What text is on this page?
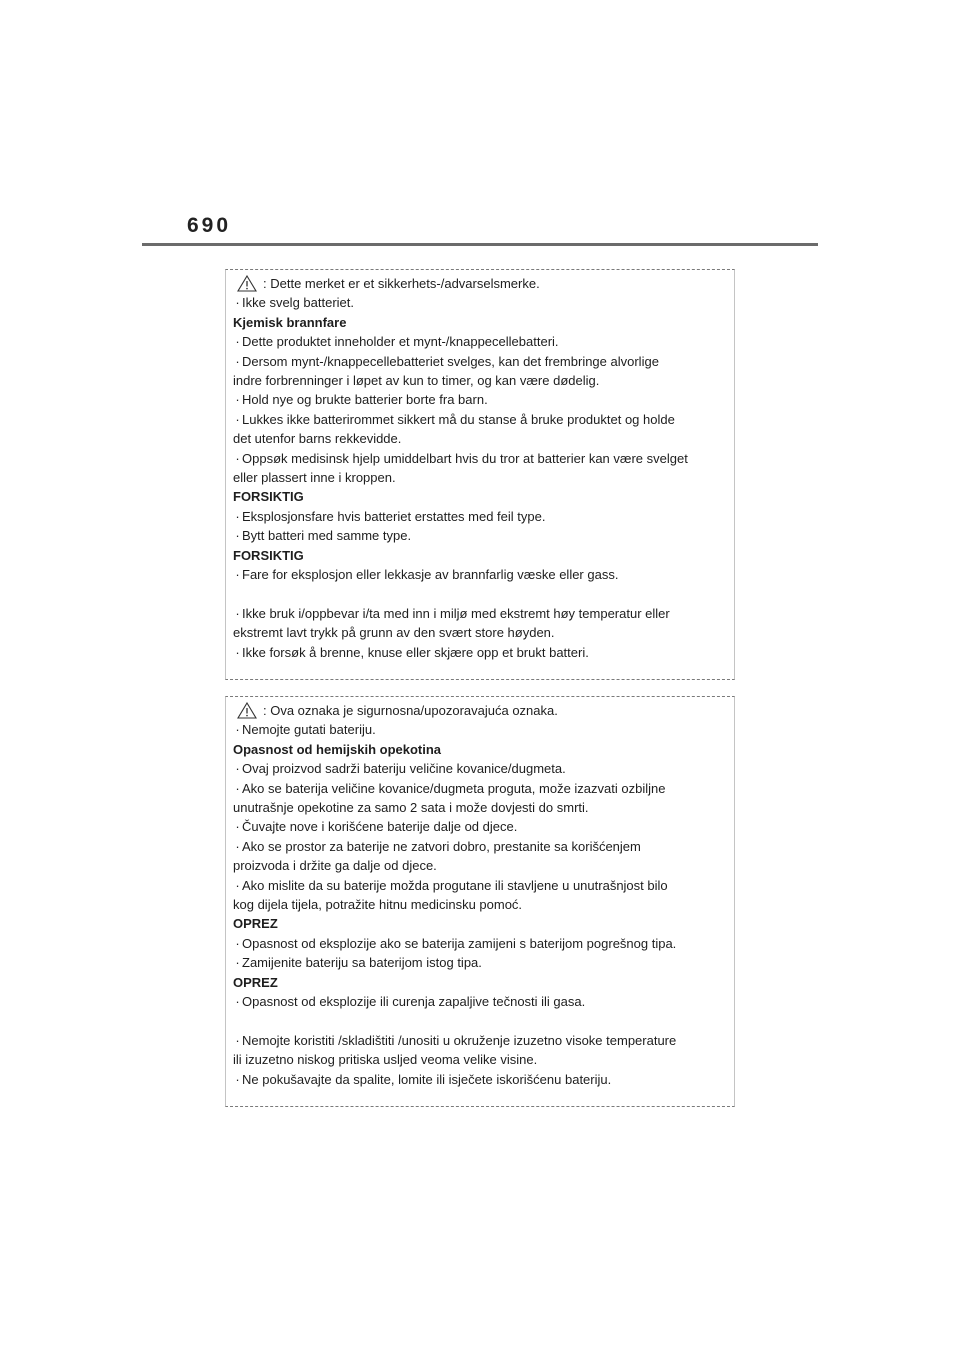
690
: Dette merket er et sikkerhets-/advarselsmerke.
· Ikke svelg batteriet.
Kjemisk brannfare
· Dette produktet inneholder et mynt-/knappecellebatteri.
· Dersom mynt-/knappecellebatteriet svelges, kan det frembringe alvorlige
indre forbrenninger i løpet av kun to timer, og kan være dødelig.
· Hold nye og brukte batterier borte fra barn.
· Lukkes ikke batterirommet sikkert må du stanse å bruke produktet og holde
det utenfor barns rekkevidde.
· Oppsøk medisinsk hjelp umiddelbart hvis du tror at batterier kan være svelget
eller plassert inne i kroppen.
FORSIKTIG
· Eksplosjonsfare hvis batteriet erstattes med feil type.
· Bytt batteri med samme type.
FORSIKTIG
· Fare for eksplosjon eller lekkasje av brannfarlig væske eller gass.
· Ikke bruk i/oppbevar i/ta med inn i miljø med ekstremt høy temperatur eller
ekstremt lavt trykk på grunn av den svært store høyden.
· Ikke forsøk å brenne, knuse eller skjære opp et brukt batteri.
: Ova oznaka je sigurnosna/upozoravajuća oznaka.
· Nemojte gutati bateriju.
Opasnost od hemijskih opekotina
· Ovaj proizvod sadrži bateriju veličine kovanice/dugmeta.
· Ako se baterija veličine kovanice/dugmeta proguta, može izazvati ozbiljne
unutrašnje opekotine za samo 2 sata i može dovjesti do smrti.
· Čuvajte nove i korišćene baterije dalje od djece.
· Ako se prostor za baterije ne zatvori dobro, prestanite sa korišćenjem
proizvoda i držite ga dalje od djece.
· Ako mislite da su baterije možda progutane ili stavljene u unutrašnjost bilo
kog dijela tijela, potražite hitnu medicinsku pomoć.
OPREZ
· Opasnost od eksplozije ako se baterija zamijeni s baterijom pogrešnog tipa.
· Zamijenite bateriju sa baterijom istog tipa.
OPREZ
· Opasnost od eksplozije ili curenja zapaljive tečnosti ili gasa.
· Nemojte koristiti /skladištiti /unositi u okruženje izuzetno visoke temperature
ili izuzetno niskog pritiska usljed veoma velike visine.
· Ne pokušavajte da spalite, lomite ili isječete iskorišćenu bateriju.
